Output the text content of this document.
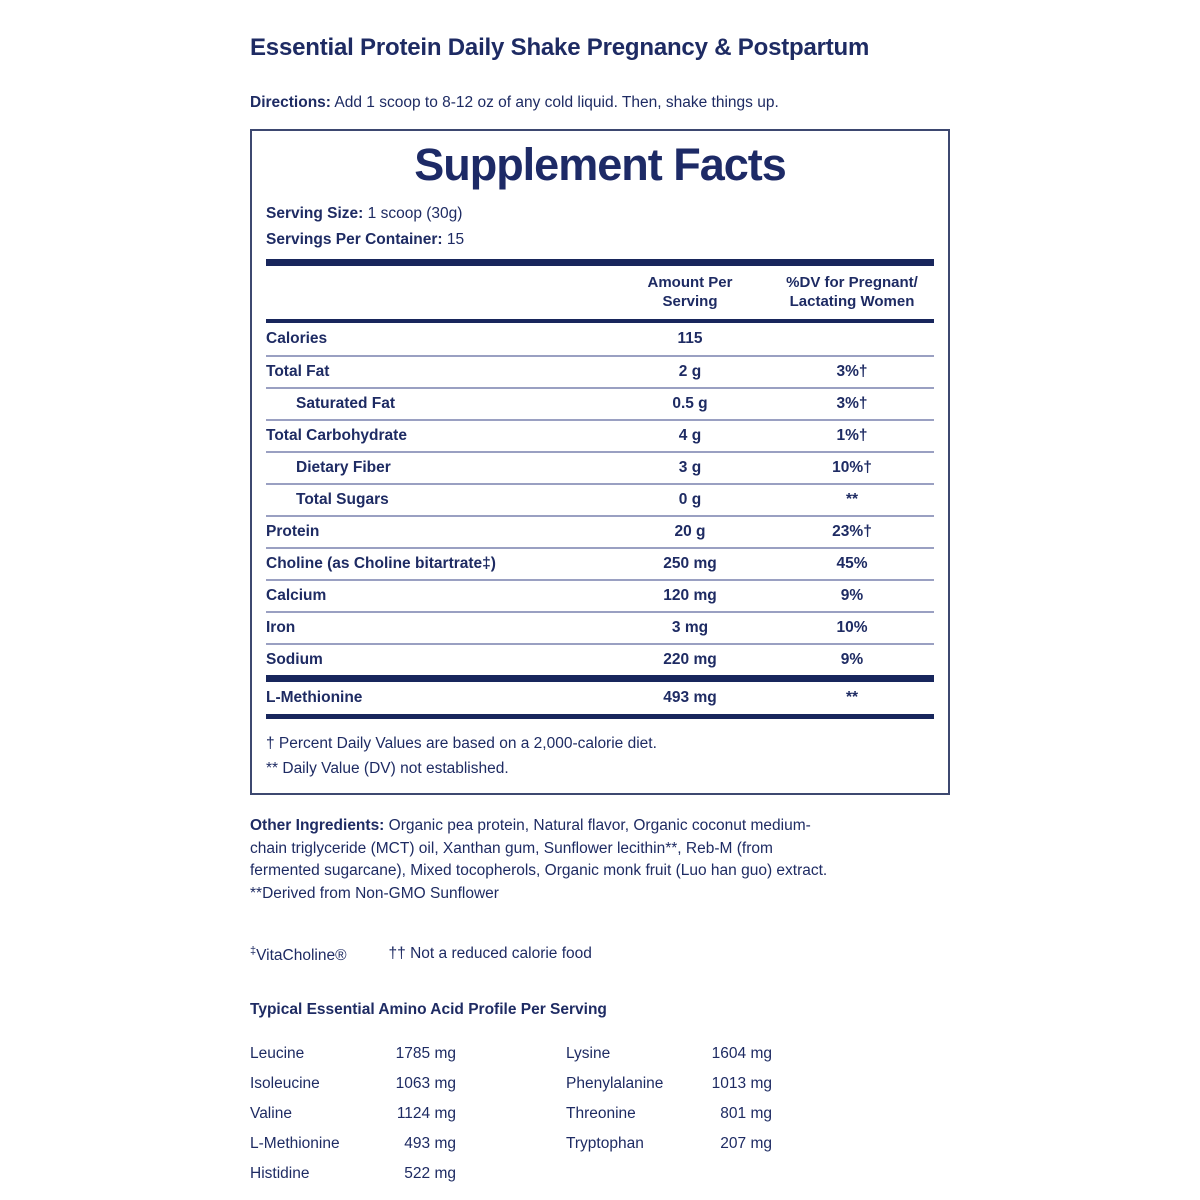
Essential Protein Daily Shake Pregnancy & Postpartum
Directions: Add 1 scoop to 8-12 oz of any cold liquid. Then, shake things up.
Supplement Facts
Serving Size: 1 scoop (30g)
Servings Per Container: 15
Amount Per
Serving
%DV for Pregnant/
Lactating Women
Calories	115
Total Fat	2 g	3%†
Saturated Fat	0.5 g	3%†
Total Carbohydrate	4 g	1%†
Dietary Fiber	3 g	10%†
Total Sugars	0 g	**
Protein	20 g	23%†
Choline (as Choline bitartrate‡)	250 mg	45%
Calcium	120 mg	9%
Iron	3 mg	10%
Sodium	220 mg	9%
L-Methionine	493 mg	**
† Percent Daily Values are based on a 2,000-calorie diet.
** Daily Value (DV) not established.
Other Ingredients: Organic pea protein, Natural flavor, Organic coconut medium-
chain triglyceride (MCT) oil, Xanthan gum, Sunflower lecithin**, Reb-M (from
fermented sugarcane), Mixed tocopherols, Organic monk fruit (Luo han guo) extract.
**Derived from Non-GMO Sunflower
‡VitaCholine®	†† Not a reduced calorie food
Typical Essential Amino Acid Profile Per Serving
Leucine	1785 mg
Isoleucine	1063 mg
Valine	1124 mg
L-Methionine	493 mg
Histidine	522 mg
Lysine	1604 mg
Phenylalanine	1013 mg
Threonine	801 mg
Tryptophan	207 mg
